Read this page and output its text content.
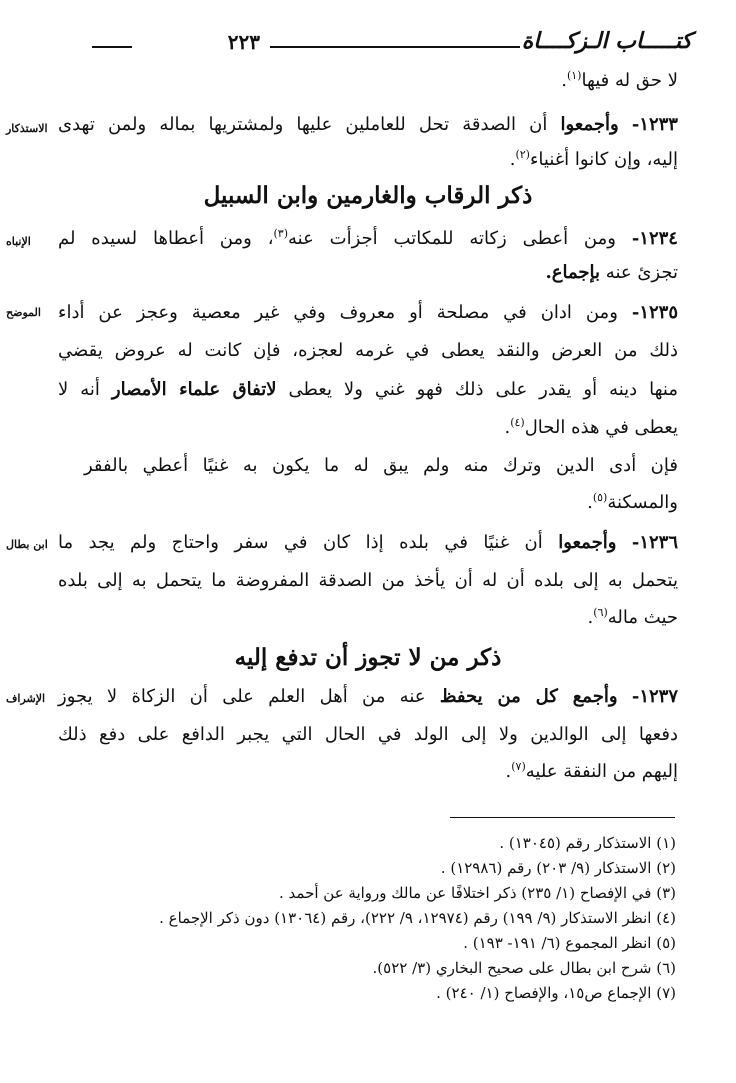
كتـــــاب الـزكــــاة
٢٢٣
لا حق له فيها$^{(١)}$.
الاستذكار	١٢٣٣- وأجمعوا أن الصدقة تحل للعاملين عليها ولمشتريها بماله ولمن تهدى
إليه، وإن كانوا أغنياء$^{(٢)}$.
ذكر الرقاب والغارمين وابن السبيل
الإنباه	١٢٣٤- ومن أعطى زكاته للمكاتب أجزأت عنه$^{(٣)}$، ومن أعطاها لسيده لم
تجزئ عنه بإجماع.
الموضح	١٢٣٥- ومن ادان في مصلحة أو معروف وفي غير معصية وعجز عن أداء
ذلك من العرض والنقد يعطى في غرمه لعجزه، فإن كانت له عروض يقضي
منها دينه أو يقدر على ذلك فهو غني ولا يعطى لاتفاق علماء الأمصار أنه لا
يعطى في هذه الحال$^{(٤)}$.
فإن أدى الدين وترك منه ولم يبق له ما يكون به غنيًا أعطي بالفقر
والمسكنة$^{(٥)}$.
ابن بطال	١٢٣٦- وأجمعوا أن غنيًا في بلده إذا كان في سفر واحتاج ولم يجد ما
يتحمل به إلى بلده أن له أن يأخذ من الصدقة المفروضة ما يتحمل به إلى بلده
حيث ماله$^{(٦)}$.
ذكر من لا تجوز أن تدفع إليه
الإشراف	١٢٣٧- وأجمع كل من يحفظ عنه من أهل العلم على أن الزكاة لا يجوز
دفعها إلى الوالدين ولا إلى الولد في الحال التي يجبر الدافع على دفع ذلك
إليهم من النفقة عليه$^{(٧)}$.
(١) الاستذكار رقم (١٣٠٤٥) .
(٢) الاستذكار (٩/ ٢٠٣) رقم (١٢٩٨٦) .
(٣) في الإفصاح (١/ ٢٣٥) ذكر اختلافًا عن مالك ورواية عن أحمد .
(٤) انظر الاستذكار (٩/ ١٩٩) رقم (١٢٩٧٤، ٩/ ٢٢٢)، رقم (١٣٠٦٤) دون ذكر الإجماع .
(٥) انظر المجموع (٦/ ١٩١- ١٩٣) .
(٦) شرح ابن بطال على صحيح البخاري (٣/ ٥٢٢).
(٧) الإجماع ص١٥، والإفصاح (١/ ٢٤٠) .
